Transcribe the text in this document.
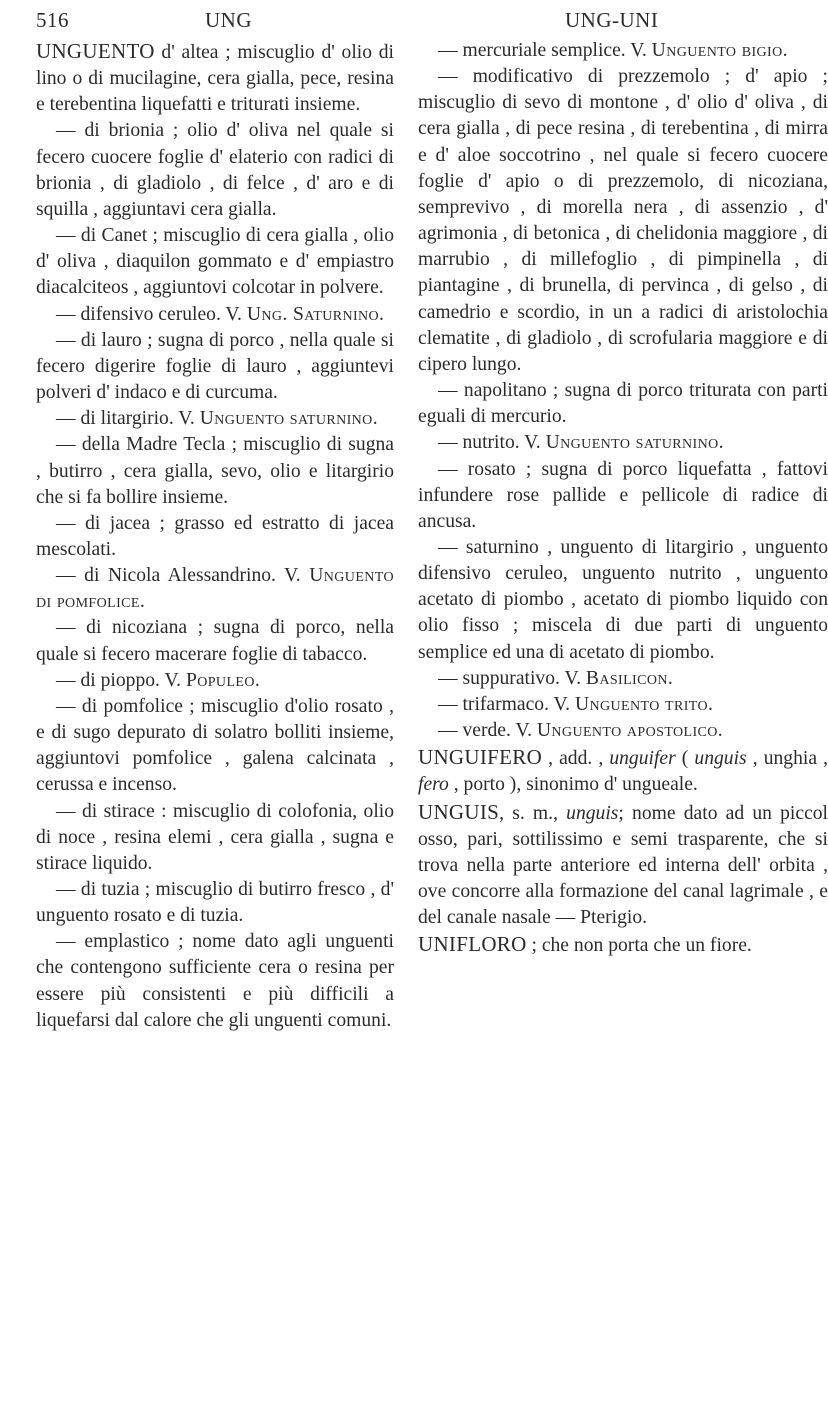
516	UNG	UNG-UNI

UNGUENTO d' altea ; miscuglio d' olio di lino o di mucilagine, cera gialla, pece, resina e terebentina liquefatti e triturati insieme.

— di brionia ; olio d' oliva nel quale si fecero cuocere foglie d' elaterio con radici di brionia , di gladiolo , di felce , d' aro e di squilla , aggiuntavi cera gialla.

— di Canet ; miscuglio di cera gialla , olio d' oliva , diaquilon gommato e d' empiastro diacalciteos , aggiuntovi colcotar in polvere.

— difensivo ceruleo. V. Ung. Saturnino.

— di lauro ; sugna di porco , nella quale si fecero digerire foglie di lauro , aggiuntevi polveri d' indaco e di curcuma.

— di litargirio. V. Unguento saturnino.

— della Madre Tecla ; miscuglio di sugna , butirro , cera gialla, sevo, olio e litargirio che si fa bollire insieme.

— di jacea ; grasso ed estratto di jacea mescolati.

— di Nicola Alessandrino. V. Unguento di pomfolice.

— di nicoziana ; sugna di porco, nella quale si fecero macerare foglie di tabacco.

— di pioppo. V. Populeo.

— di pomfolice ; miscuglio d'olio rosato , e di sugo depurato di solatro bolliti insieme, aggiuntovi pomfolice , galena calcinata , cerussa e incenso.

— di stirace : miscuglio di colofonia, olio di noce , resina elemi , cera gialla , sugna e stirace liquido.

— di tuzia ; miscuglio di butirro fresco , d' unguento rosato e di tuzia.

— emplastico ; nome dato agli unguenti che contengono sufficiente cera o resina per essere più consistenti e più difficili a liquefarsi dal calore che gli unguenti comuni.

— mercuriale semplice. V. Unguento bigio.

— modificativo di prezzemolo ; d' apio ; miscuglio di sevo di montone , d' olio d' oliva , di cera gialla , di pece resina , di terebentina , di mirra e d' aloe soccotrino , nel quale si fecero cuocere foglie d' apio o di prezzemolo, di nicoziana, semprevivo , di morella nera , di assenzio , d' agrimonia , di betonica , di chelidonia maggiore , di marrubio , di millefoglio , di pimpinella , di piantagine , di brunella, di pervinca , di gelso , di camedrio e scordio, in un a radici di aristolochia clematite , di gladiolo , di scrofularia maggiore e di cipero lungo.

— napolitano ; sugna di porco triturata con parti eguali di mercurio.

— nutrito. V. Unguento saturnino.

— rosato ; sugna di porco liquefatta , fattovi infundere rose pallide e pellicole di radice di ancusa.

— saturnino , unguento di litargirio , unguento difensivo ceruleo, unguento nutrito , unguento acetato di piombo , acetato di piombo liquido con olio fisso ; miscela di due parti di unguento semplice ed una di acetato di piombo.

— suppurativo. V. Basilicon.

— trifarmaco. V. Unguento trito.

— verde. V. Unguento apostolico.

UNGUIFERO , add. , unguifer ( unguis , unghia , fero , porto ), sinonimo d' ungueale.

UNGUIS, s. m., unguis; nome dato ad un piccol osso, pari, sottilissimo e semi trasparente, che si trova nella parte anteriore ed interna dell' orbita , ove concorre alla formazione del canal lagrimale , e del canale nasale — Pterigio.

UNIFLORO ; che non porta che un fiore.
